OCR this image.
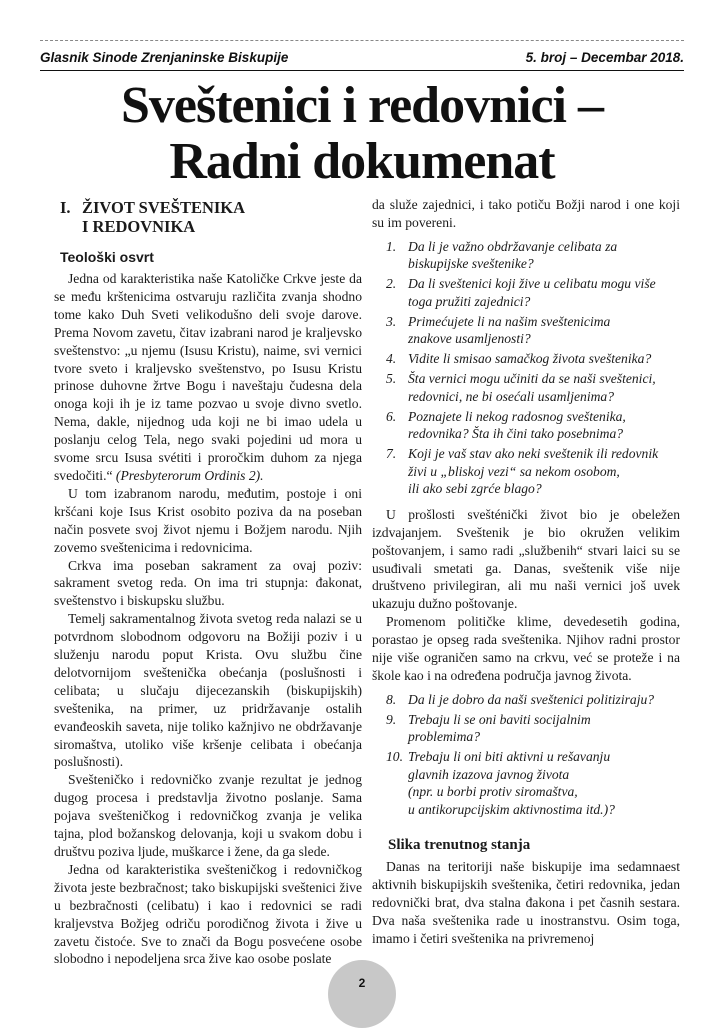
Glasnik Sinode Zrenjaninske Biskupije	5. broj – Decembar 2018.
Sveštenici i redovnici –
Radni dokumenat
I. ŽIVOT SVEŠTENIKA
I REDOVNIKA
Teološki osvrt

Jedna od karakteristika naše Katoličke Crkve jeste da se među krštenicima ostvaruju različita zvanja shodno tome kako Duh Sveti velikodušno deli svoje darove. Prema Novom zavetu, čitav izabrani narod je kraljevsko sveštenstvo: „u njemu (Isusu Kristu), naime, svi vernici tvore sveto i kraljevsko sveštenstvo, po Isusu Kristu prinose duhovne žrtve Bogu i naveštaju čudesna dela onoga koji ih je iz tame pozvao u svoje divno svetlo. Nema, dakle, nijednog uda koji ne bi imao udela u poslanju celog Tela, nego svaki pojedini ud mora u svome srcu Isusa svétiti i proročkim duhom za njega svedočiti.“ (Presbyterorum Ordinis 2).

U tom izabranom narodu, međutim, postoje i oni kršćani koje Isus Krist osobito poziva da na poseban način posvete svoj život njemu i Božjem narodu. Njih zovemo sveštenicima i redovnicima.

Crkva ima poseban sakrament za ovaj poziv: sakrament svetog reda. On ima tri stupnja: đakonat, sveštenstvo i biskupsku službu.

Temelj sakramentalnog života svetog reda nalazi se u potvrdnom slobodnom odgovoru na Božiji poziv i u služenju narodu poput Krista. Ovu službu čine delotvornijom sveštenička obećanja (poslušnosti i celibata; u slučaju dijecezanskih (biskupijskih) sveštenika, na primer, uz pridržavanje ostalih evanđeoskih saveta, nije toliko kažnjivo ne obdržavanje siromaštva, utoliko više kršenje celibata i obećanja poslušnosti).

Svešteničko i redovničko zvanje rezultat je jednog dugog procesa i predstavlja životno poslanje. Sama pojava svešteničkog i redovničkog zvanja je velika tajna, plod božanskog delovanja, koji u svakom dobu i društvu poziva ljude, muškarce i žene, da ga slede.

Jedna od karakteristika svešteničkog i redovničkog života jeste bezbračnost; tako biskupijski sveštenici žive u bezbračnosti (celibatu) i kao i redovnici se radi kraljevstva Božjeg odriču porodičnog života i žive u zavetu čistoće. Sve to znači da Bogu posvećene osobe slobodno i nepodeljena srca žive kao osobe poslate

da služe zajednici, i tako potiču Božji narod i one koji su im povereni.

1. Da li je važno obdržavanje celibata za
biskupijske sveštenike?
2. Da li sveštenici koji žive u celibatu mogu više
toga pružiti zajednici?
3. Primećujete li na našim sveštenicima
znakove usamljenosti?
4. Vidite li smisao samačkog života sveštenika?
5. Šta vernici mogu učiniti da se naši sveštenici,
redovnici, ne bi osećali usamljenima?
6. Poznajete li nekog radosnog sveštenika,
redovnika? Šta ih čini tako posebnima?
7. Koji je vaš stav ako neki sveštenik ili redovnik
živi u „bliskoj vezi“ sa nekom osobom,
ili ako sebi zgrće blago?

U prošlosti svešténički život bio je obeležen izdvajanjem. Sveštenik je bio okružen velikim poštovanjem, i samo radi „službenih“ stvari laici su se usuđivali smetati ga. Danas, sveštenik više nije društveno privilegiran, ali mu naši vernici još uvek ukazuju dužno poštovanje.

Promenom političke klime, devedesetih godina, porastao je opseg rada sveštenika. Njihov radni prostor nije više ograničen samo na crkvu, već se proteže i na škole kao i na određena područja javnog života.

8. Da li je dobro da naši sveštenici politiziraju?
9. Trebaju li se oni baviti socijalnim
problemima?
10. Trebaju li oni biti aktivni u rešavanju
glavnih izazova javnog života
(npr. u borbi protiv siromaštva,
u antikorupcijskim aktivnostima itd.)?
Slika trenutnog stanja

Danas na teritoriji naše biskupije ima sedamnaest aktivnih biskupijskih sveštenika, četiri redovnika, jedan redovnički brat, dva stalna đakona i pet časnih sestara. Dva naša sveštenika rade u inostranstvu. Osim toga, imamo i četiri sveštenika na privremenoj

2
